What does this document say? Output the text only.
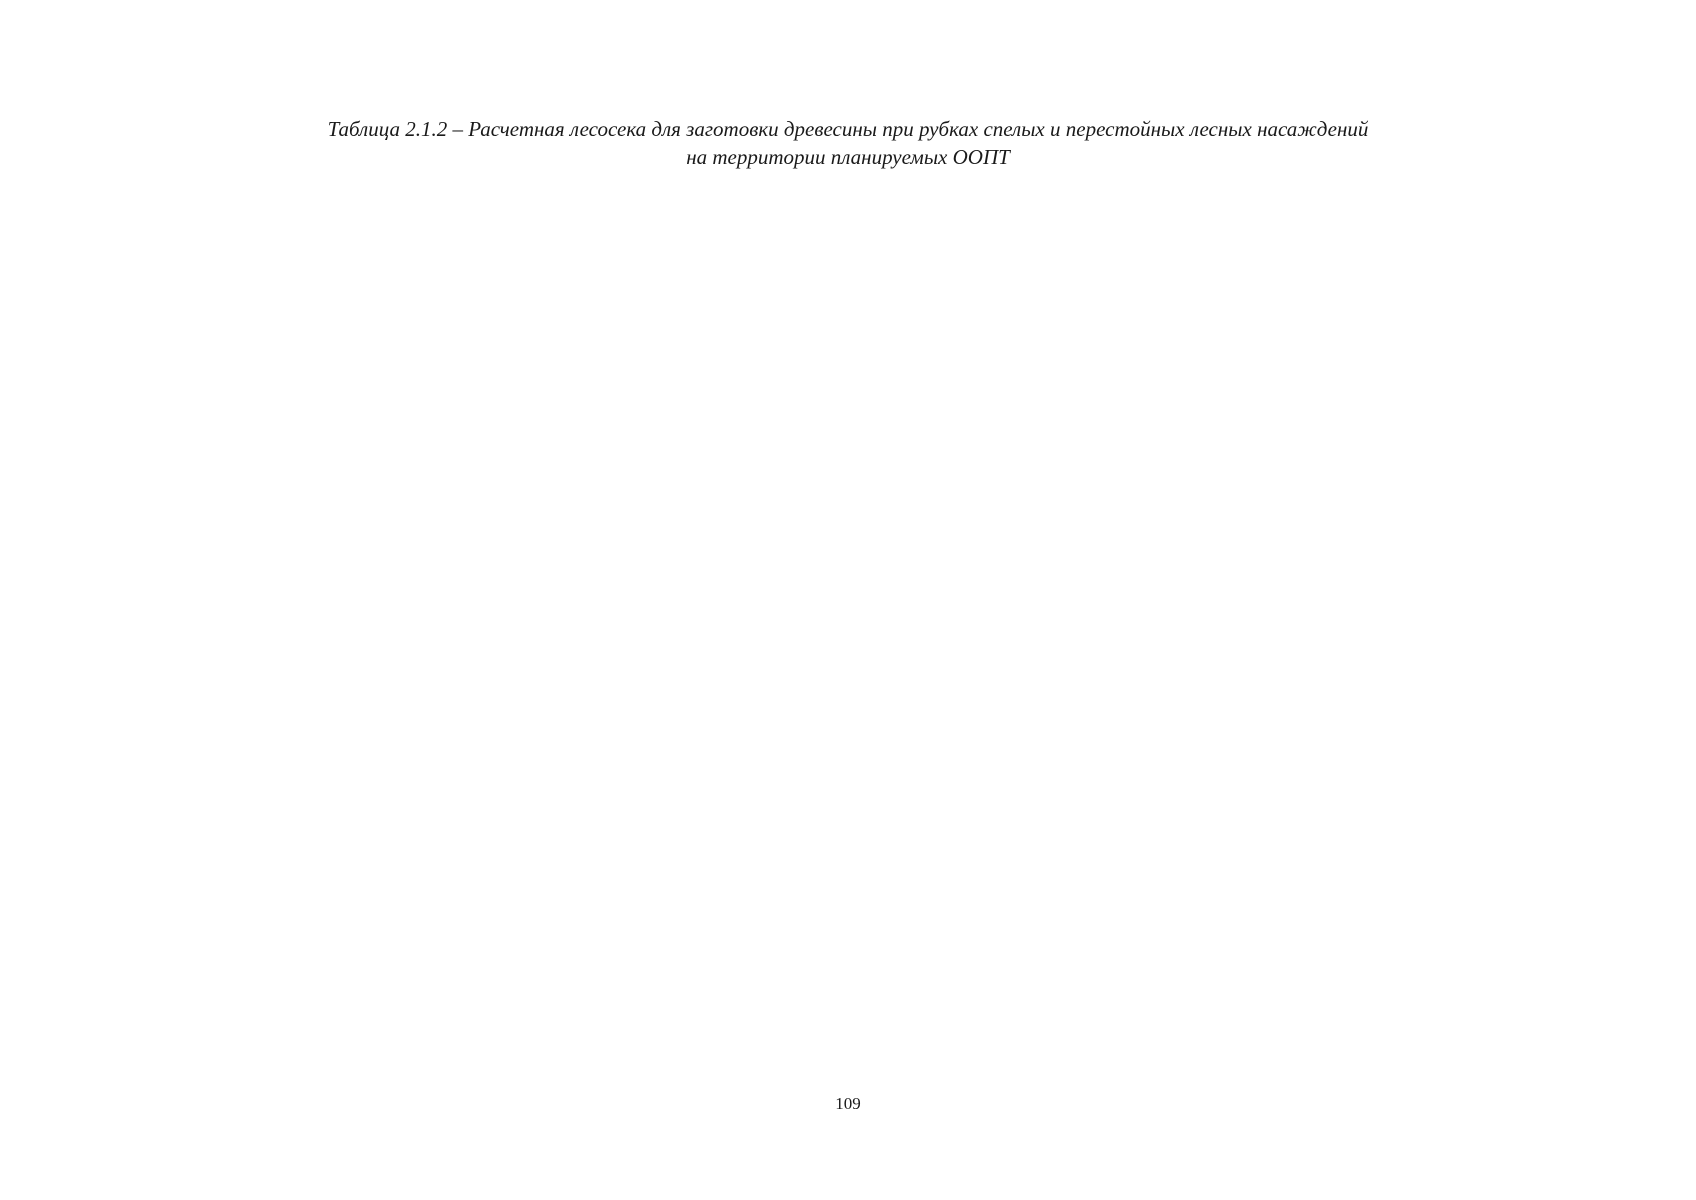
Таблица 2.1.2 – Расчетная лесосека для заготовки древесины при рубках спелых и перестойных лесных насаждений
на территории планируемых ООПТ
109
